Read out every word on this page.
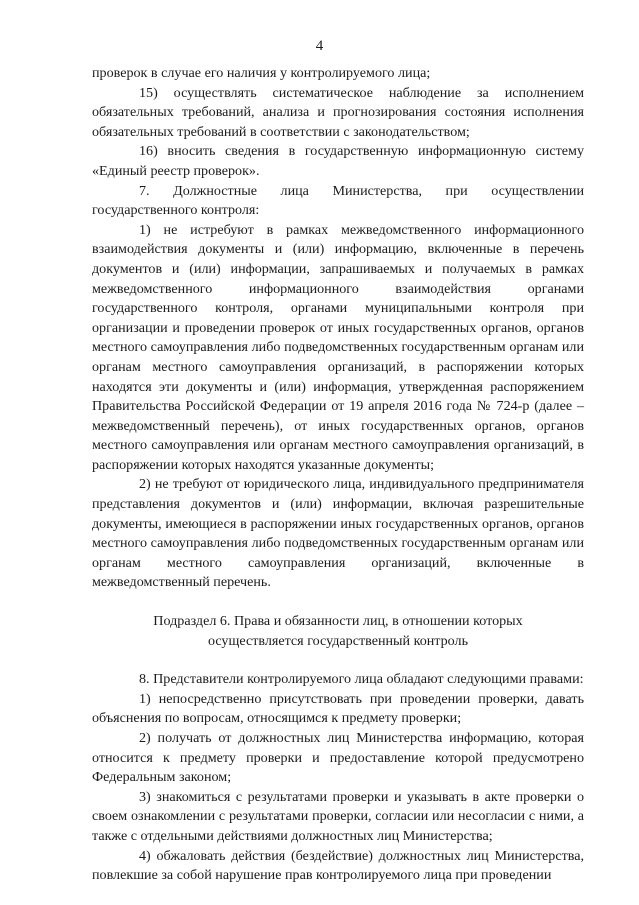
4

проверок в случае его наличия у контролируемого лица;

15) осуществлять систематическое наблюдение за исполнением обязательных требований, анализа и прогнозирования состояния исполнения обязательных требований в соответствии с законодательством;

16) вносить сведения в государственную информационную систему «Единый реестр проверок».

7. Должностные лица Министерства, при осуществлении государственного контроля:

1) не истребуют в рамках межведомственного информационного взаимодействия документы и (или) информацию, включенные в перечень документов и (или) информации, запрашиваемых и получаемых в рамках межведомственного информационного взаимодействия органами государственного контроля, органами муниципальными контроля при организации и проведении проверок от иных государственных органов, органов местного самоуправления либо подведомственных государственным органам или органам местного самоуправления организаций, в распоряжении которых находятся эти документы и (или) информация, утвержденная распоряжением Правительства Российской Федерации от 19 апреля 2016 года № 724-р (далее – межведомственный перечень), от иных государственных органов, органов местного самоуправления или органам местного самоуправления организаций, в распоряжении которых находятся указанные документы;

2) не требуют от юридического лица, индивидуального предпринимателя представления документов и (или) информации, включая разрешительные документы, имеющиеся в распоряжении иных государственных органов, органов местного самоуправления либо подведомственных государственным органам или органам местного самоуправления организаций, включенные в межведомственный перечень.

Подраздел 6. Права и обязанности лиц, в отношении которых
осуществляется государственный контроль

8. Представители контролируемого лица обладают следующими правами:

1) непосредственно присутствовать при проведении проверки, давать объяснения по вопросам, относящимся к предмету проверки;

2) получать от должностных лиц Министерства информацию, которая относится к предмету проверки и предоставление которой предусмотрено Федеральным законом;

3) знакомиться с результатами проверки и указывать в акте проверки о своем ознакомлении с результатами проверки, согласии или несогласии с ними, а также с отдельными действиями должностных лиц Министерства;

4) обжаловать действия (бездействие) должностных лиц Министерства, повлекшие за собой нарушение прав контролируемого лица при проведении
